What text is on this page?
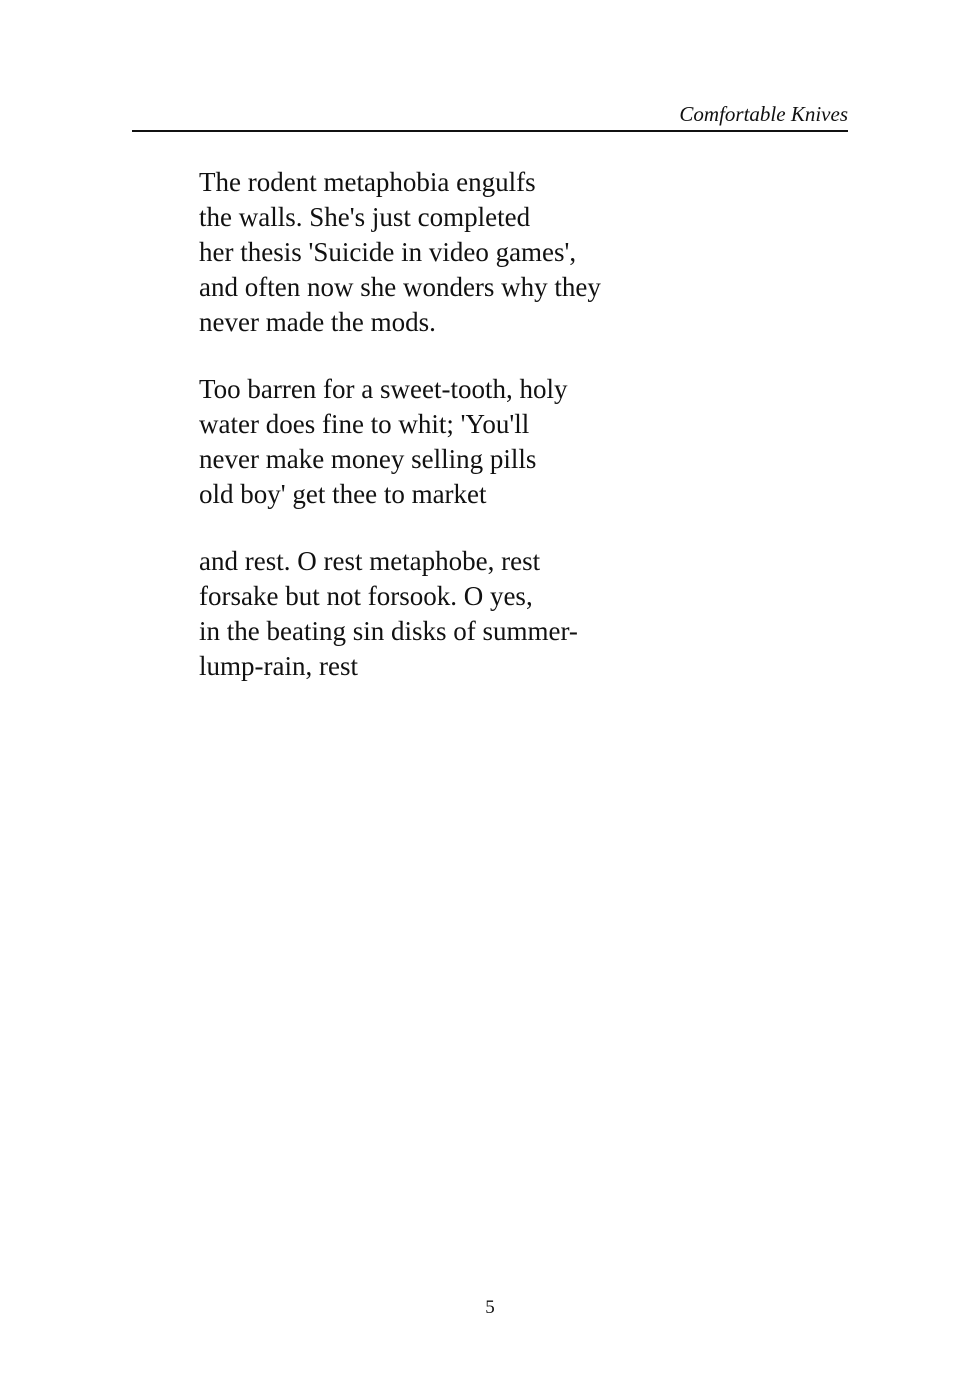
Comfortable Knives
The rodent metaphobia engulfs
the walls. She's just completed
her thesis 'Suicide in video games',
and often now she wonders why they
never made the mods.
Too barren for a sweet-tooth, holy
water does fine to whit; 'You'll
never make money selling pills
old boy' get thee to market
and rest. O rest metaphobe, rest
forsake but not forsook. O yes,
in the beating sin disks of summer-
lump-rain, rest
5
